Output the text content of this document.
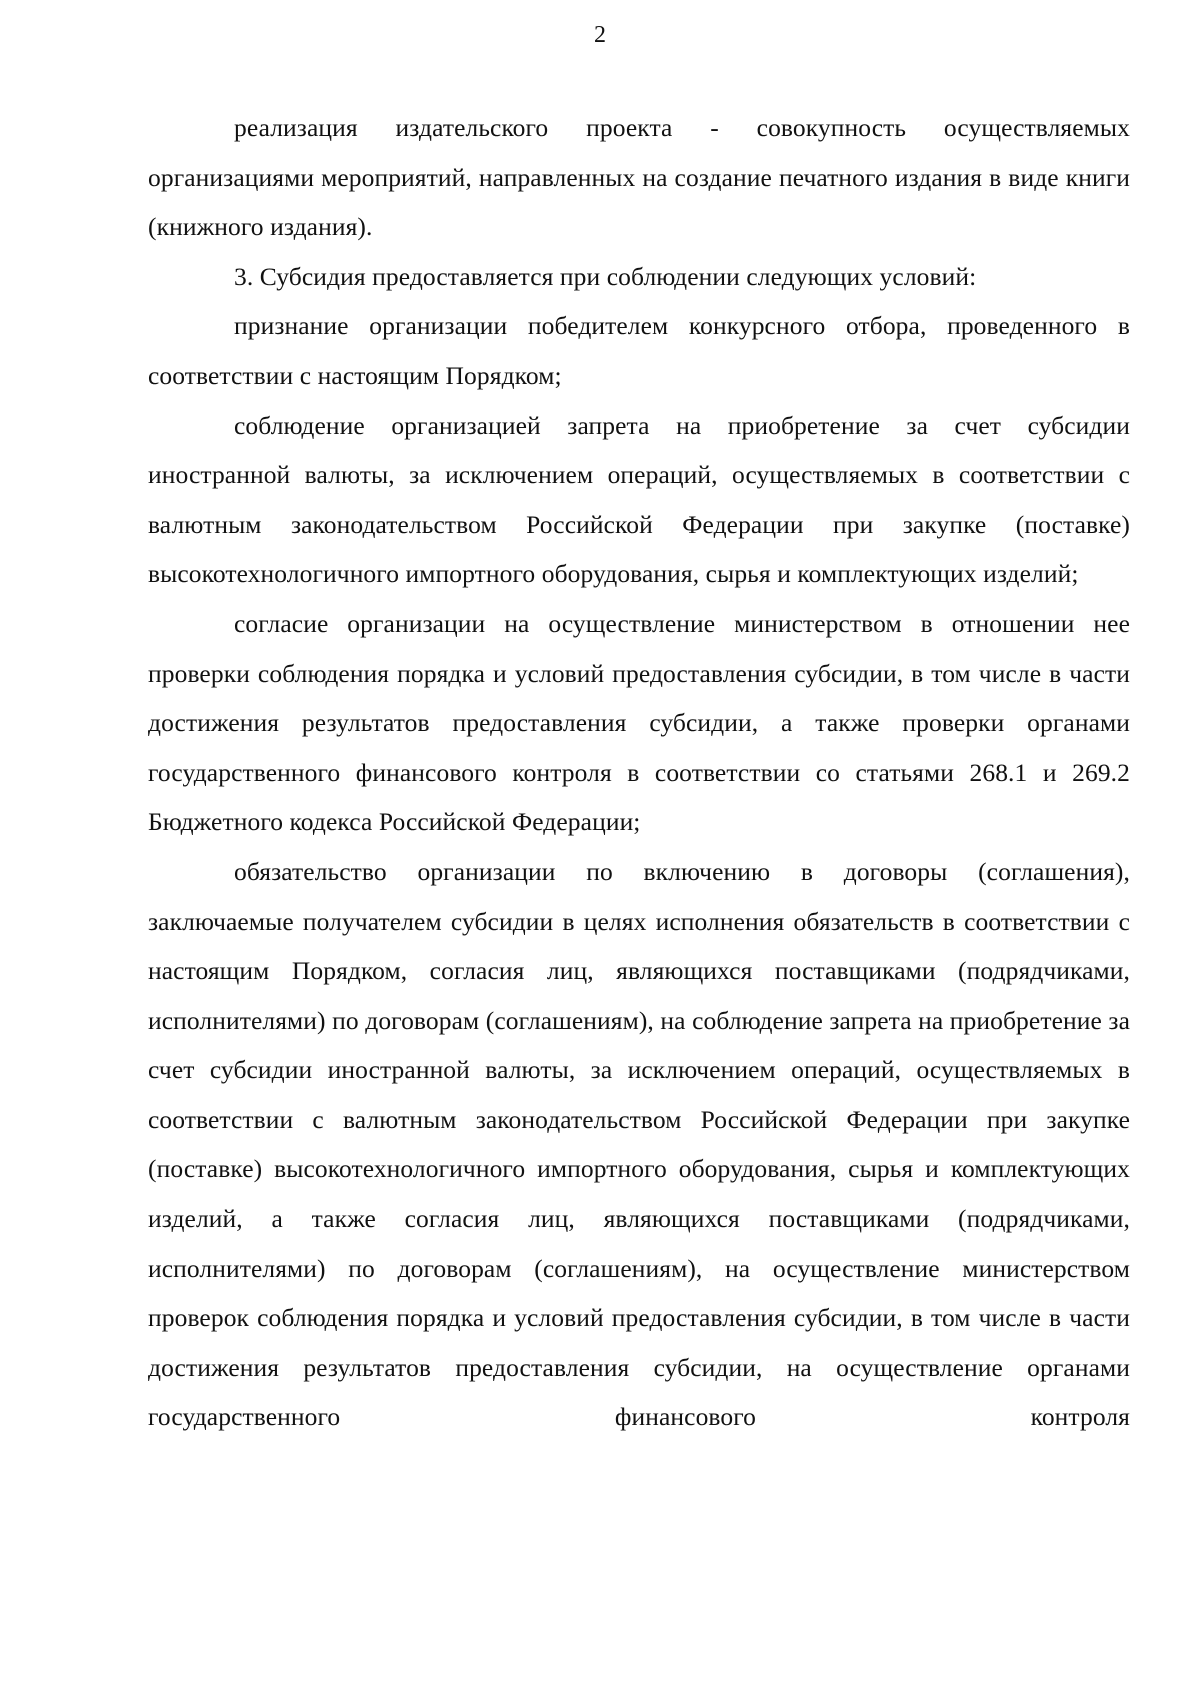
2

реализация издательского проекта - совокупность осуществляемых организациями мероприятий, направленных на создание печатного издания в виде книги (книжного издания).

3. Субсидия предоставляется при соблюдении следующих условий:

признание организации победителем конкурсного отбора, проведенного в соответствии с настоящим Порядком;

соблюдение организацией запрета на приобретение за счет субсидии иностранной валюты, за исключением операций, осуществляемых в соответствии с валютным законодательством Российской Федерации при закупке (поставке) высокотехнологичного импортного оборудования, сырья и комплектующих изделий;

согласие организации на осуществление министерством в отношении нее проверки соблюдения порядка и условий предоставления субсидии, в том числе в части достижения результатов предоставления субсидии, а также проверки органами государственного финансового контроля в соответствии со статьями 268.1 и 269.2 Бюджетного кодекса Российской Федерации;

обязательство организации по включению в договоры (соглашения), заключаемые получателем субсидии в целях исполнения обязательств в соответствии с настоящим Порядком, согласия лиц, являющихся поставщиками (подрядчиками, исполнителями) по договорам (соглашениям), на соблюдение запрета на приобретение за счет субсидии иностранной валюты, за исключением операций, осуществляемых в соответствии с валютным законодательством Российской Федерации при закупке (поставке) высокотехнологичного импортного оборудования, сырья и комплектующих изделий, а также согласия лиц, являющихся поставщиками (подрядчиками, исполнителями) по договорам (соглашениям), на осуществление министерством проверок соблюдения порядка и условий предоставления субсидии, в том числе в части достижения результатов предоставления субсидии, на осуществление органами государственного финансового контроля
